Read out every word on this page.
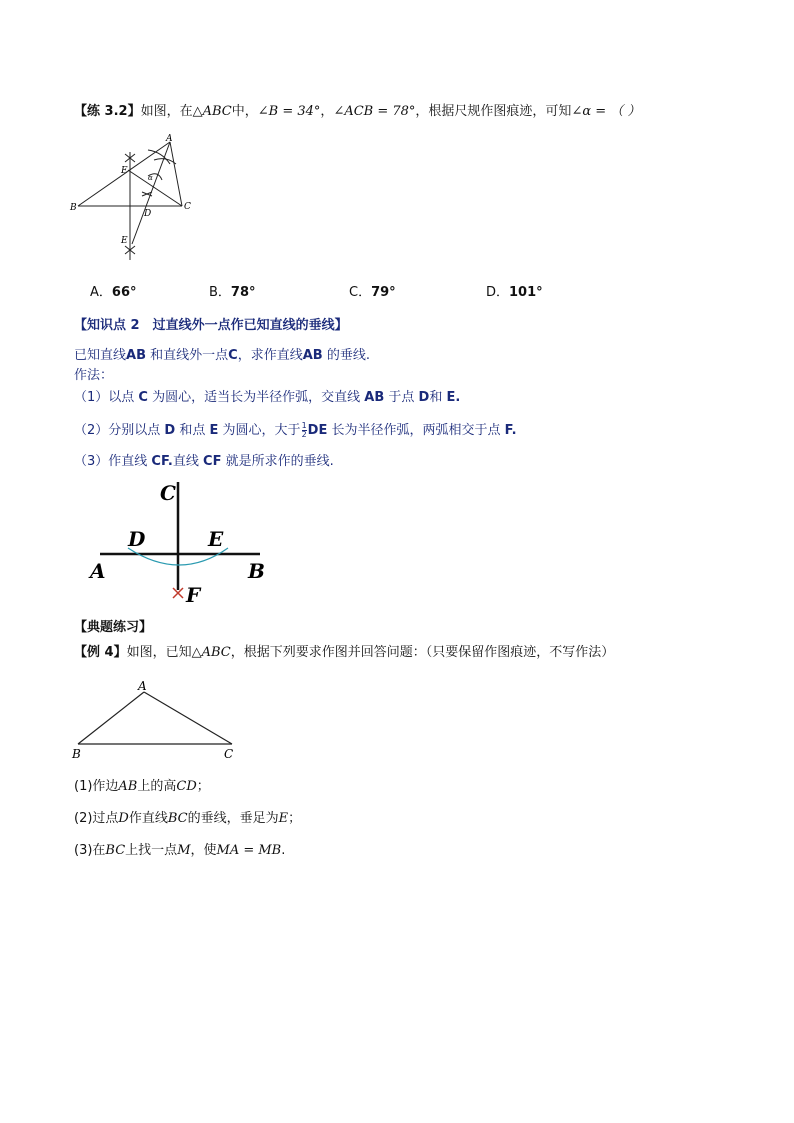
【练 3.2】如图，在△ABC中，∠B = 34°，∠ACB = 78°，根据尺规作图痕迹，可知∠α = （ ）
A
B	C
D
E
E
α
A．66°	B．78°	C．79°	D．101°
【知识点 2　过直线外一点作已知直线的垂线】
已知直线AB 和直线外一点C，求作直线AB 的垂线.
作法：
（1）以点 C 为圆心，适当长为半径作弧，交直线 AB 于点 D和 E.
（2）分别以点 D 和点 E 为圆心，大于 $\frac{1}{2}$ DE 长为半径作弧，两弧相交于点 F.
（3）作直线 CF.直线 CF 就是所求作的垂线.
C
D	E
A	B
F
【典题练习】
【例 4】如图，已知△ABC，根据下列要求作图并回答问题：（只要保留作图痕迹，不写作法）
A
B	C
(1)作边AB上的高CD；
(2)过点D作直线BC的垂线，垂足为E；
(3)在BC上找一点M，使MA = MB.
